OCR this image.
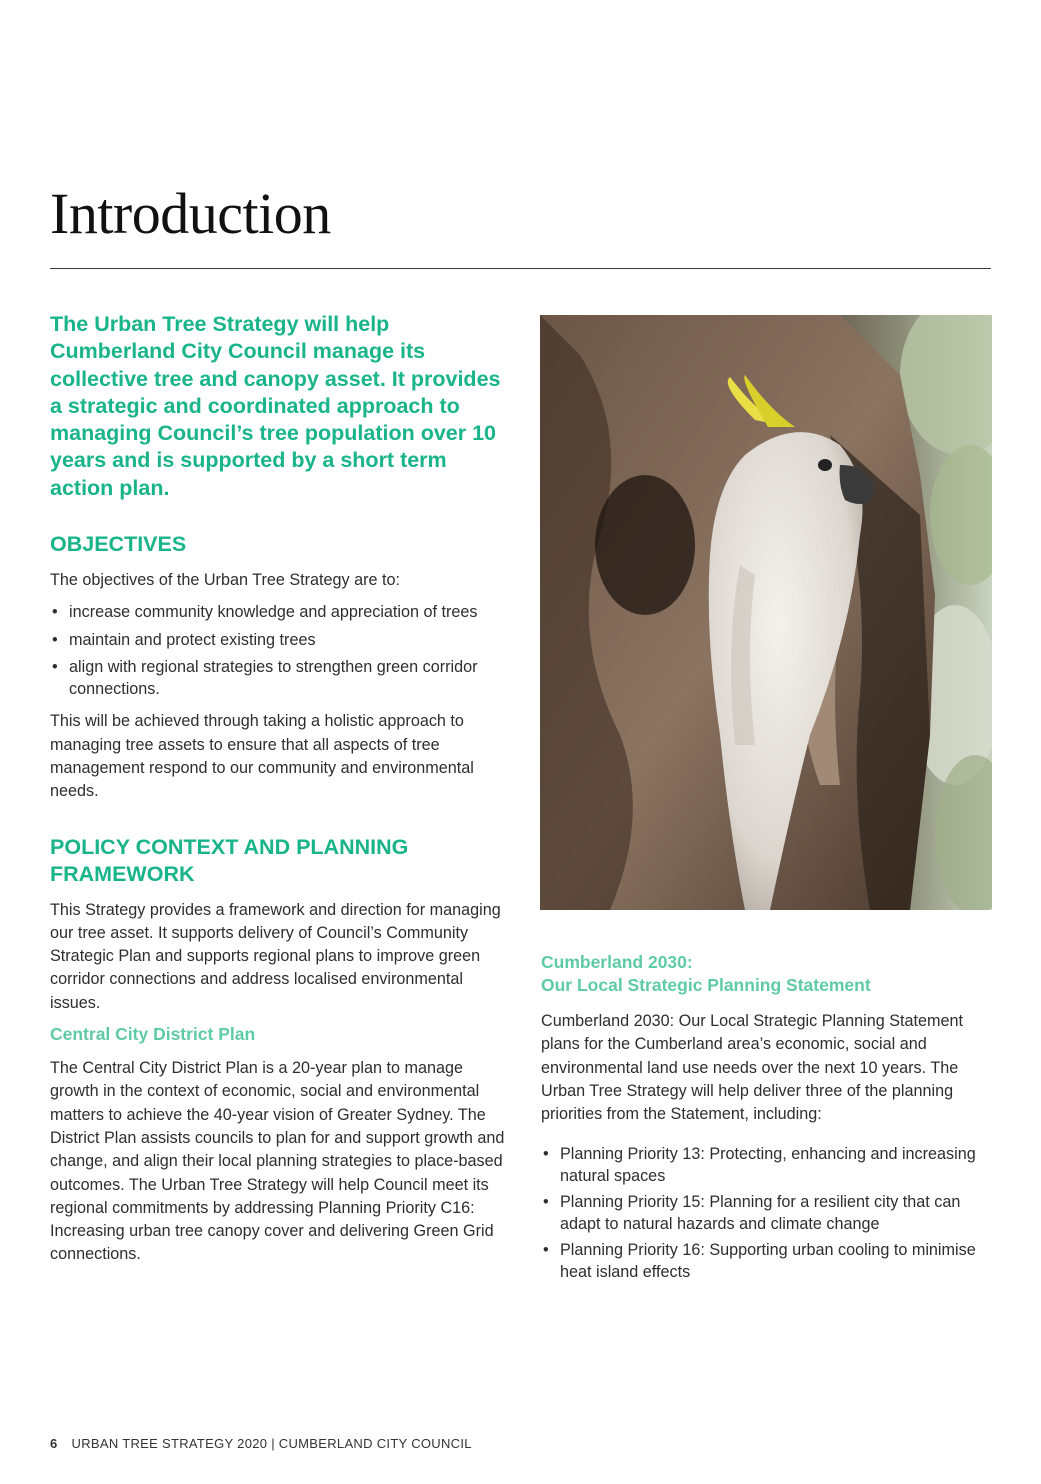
Introduction

The Urban Tree Strategy will help Cumberland City Council manage its collective tree and canopy asset. It provides a strategic and coordinated approach to managing Council’s tree population over 10 years and is supported by a short term action plan.

OBJECTIVES

The objectives of the Urban Tree Strategy are to:

• increase community knowledge and appreciation of trees
• maintain and protect existing trees
• align with regional strategies to strengthen green corridor connections.

This will be achieved through taking a holistic approach to managing tree assets to ensure that all aspects of tree management respond to our community and environmental needs.

POLICY CONTEXT AND PLANNING FRAMEWORK

This Strategy provides a framework and direction for managing our tree asset. It supports delivery of Council’s Community Strategic Plan and supports regional plans to improve green corridor connections and address localised environmental issues.

Central City District Plan

The Central City District Plan is a 20-year plan to manage growth in the context of economic, social and environmental matters to achieve the 40-year vision of Greater Sydney. The District Plan assists councils to plan for and support growth and change, and align their local planning strategies to place-based outcomes. The Urban Tree Strategy will help Council meet its regional commitments by addressing Planning Priority C16: Increasing urban tree canopy cover and delivering Green Grid connections.

Cumberland 2030:
Our Local Strategic Planning Statement

Cumberland 2030: Our Local Strategic Planning Statement plans for the Cumberland area’s economic, social and environmental land use needs over the next 10 years. The Urban Tree Strategy will help deliver three of the planning priorities from the Statement, including:

• Planning Priority 13: Protecting, enhancing and increasing natural spaces
• Planning Priority 15: Planning for a resilient city that can adapt to natural hazards and climate change
• Planning Priority 16: Supporting urban cooling to minimise heat island effects
6 URBAN TREE STRATEGY 2020 | CUMBERLAND CITY COUNCIL
